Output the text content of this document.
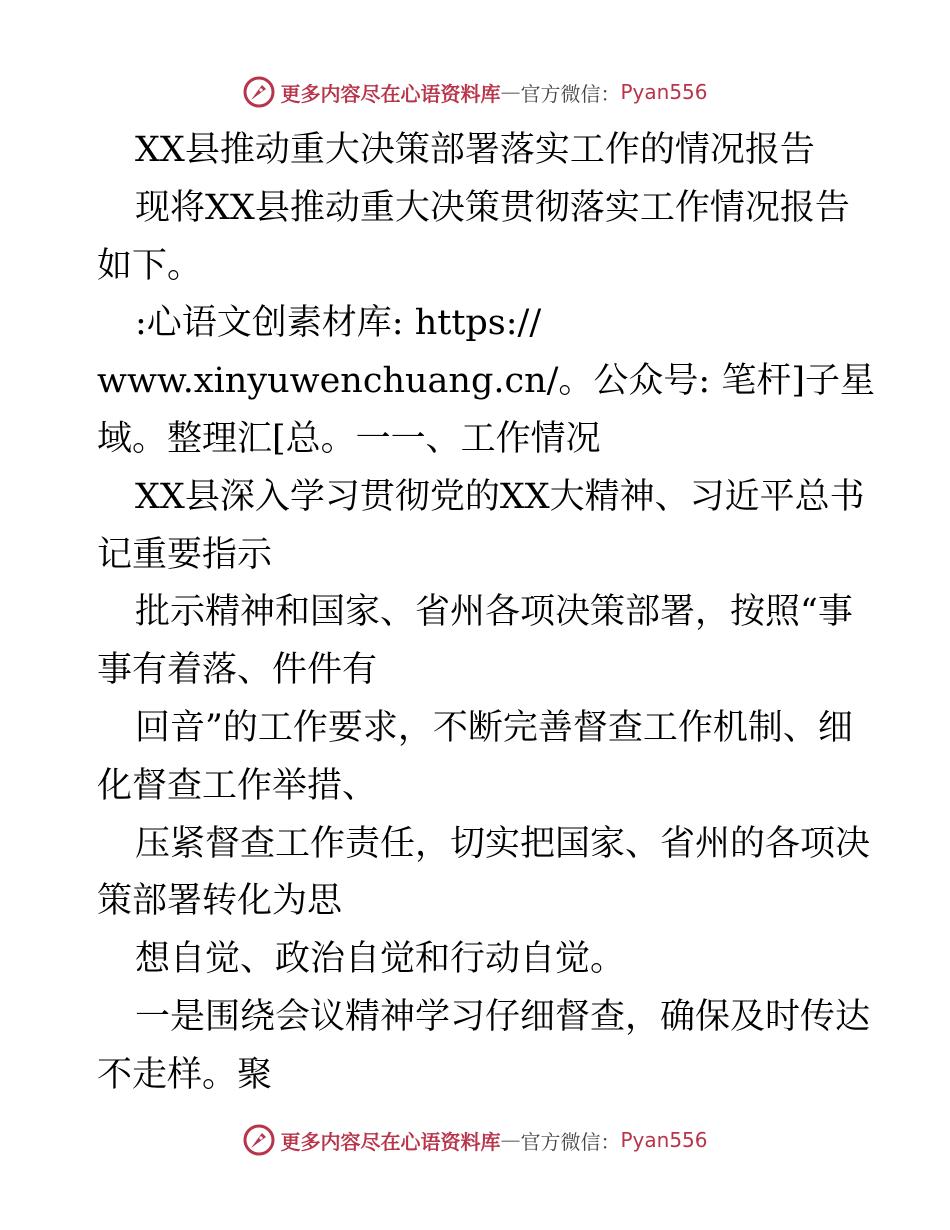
更多内容尽在心语资料库 — 官方微信： Pyan556
XX县推动重大决策部署落实工作的情况报告
现将XX县推动重大决策贯彻落实工作情况报告
如下。
:心语文创素材库: https://
www.xinyuwenchuang.cn/。公众号: 笔杆]子星
域。整理汇[总。一一、工作情况
XX县深入学习贯彻党的XX大精神、习近平总书
记重要指示
批示精神和国家、省州各项决策部署，按照“事
事有着落、件件有
回音”的工作要求，不断完善督查工作机制、细
化督查工作举措、
压紧督查工作责任，切实把国家、省州的各项决
策部署转化为思
想自觉、政治自觉和行动自觉。
一是围绕会议精神学习仔细督查，确保及时传达
不走样。聚
更多内容尽在心语资料库 — 官方微信： Pyan556
